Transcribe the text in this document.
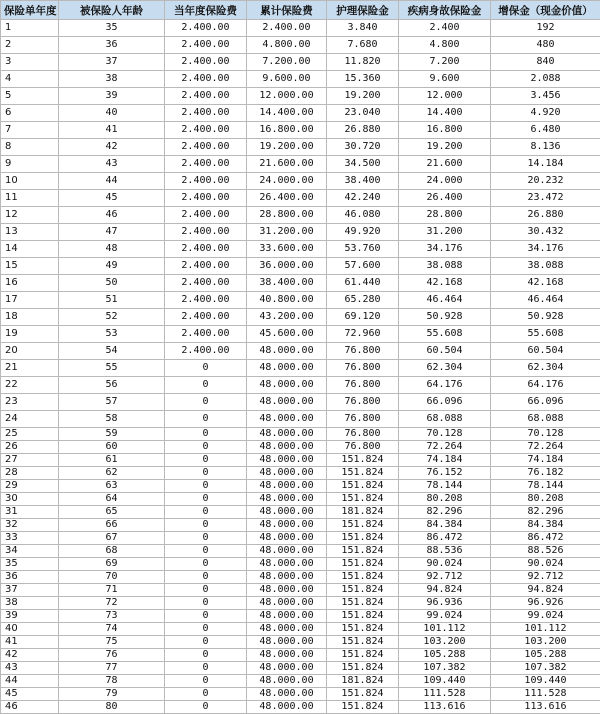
保险单年度	被保险人年龄	当年度保险费	累计保险费	护理保险金	疾病身故保险金	增保金（现金价值）
1	35	2.400.00	2.400.00	3.840	2.400	192
2	36	2.400.00	4.800.00	7.680	4.800	480
3	37	2.400.00	7.200.00	11.820	7.200	840
4	38	2.400.00	9.600.00	15.360	9.600	2.088
5	39	2.400.00	12.000.00	19.200	12.000	3.456
6	40	2.400.00	14.400.00	23.040	14.400	4.920
7	41	2.400.00	16.800.00	26.880	16.800	6.480
8	42	2.400.00	19.200.00	30.720	19.200	8.136
9	43	2.400.00	21.600.00	34.500	21.600	14.184
10	44	2.400.00	24.000.00	38.400	24.000	20.232
11	45	2.400.00	26.400.00	42.240	26.400	23.472
12	46	2.400.00	28.800.00	46.080	28.800	26.880
13	47	2.400.00	31.200.00	49.920	31.200	30.432
14	48	2.400.00	33.600.00	53.760	34.176	34.176
15	49	2.400.00	36.000.00	57.600	38.088	38.088
16	50	2.400.00	38.400.00	61.440	42.168	42.168
17	51	2.400.00	40.800.00	65.280	46.464	46.464
18	52	2.400.00	43.200.00	69.120	50.928	50.928
19	53	2.400.00	45.600.00	72.960	55.608	55.608
20	54	2.400.00	48.000.00	76.800	60.504	60.504
21	55	0	48.000.00	76.800	62.304	62.304
22	56	0	48.000.00	76.800	64.176	64.176
23	57	0	48.000.00	76.800	66.096	66.096
24	58	0	48.000.00	76.800	68.088	68.088
25	59	0	48.000.00	76.800	70.128	70.128
26	60	0	48.000.00	76.800	72.264	72.264
27	61	0	48.000.00	151.824	74.184	74.184
28	62	0	48.000.00	151.824	76.152	76.182
29	63	0	48.000.00	151.824	78.144	78.144
30	64	0	48.000.00	151.824	80.208	80.208
31	65	0	48.000.00	181.824	82.296	82.296
32	66	0	48.000.00	151.824	84.384	84.384
33	67	0	48.000.00	151.824	86.472	86.472
34	68	0	48.000.00	151.824	88.536	88.526
35	69	0	48.000.00	151.824	90.024	90.024
36	70	0	48.000.00	151.824	92.712	92.712
37	71	0	48.000.00	151.824	94.824	94.824
38	72	0	48.000.00	151.824	96.936	96.926
39	73	0	48.000.00	151.824	99.024	99.024
40	74	0	48.000.00	151.824	101.112	101.112
41	75	0	48.000.00	151.824	103.200	103.200
42	76	0	48.000.00	151.824	105.288	105.288
43	77	0	48.000.00	151.824	107.382	107.382
44	78	0	48.000.00	181.824	109.440	109.440
45	79	0	48.000.00	151.824	111.528	111.528
46	80	0	48.000.00	151.824	113.616	113.616
